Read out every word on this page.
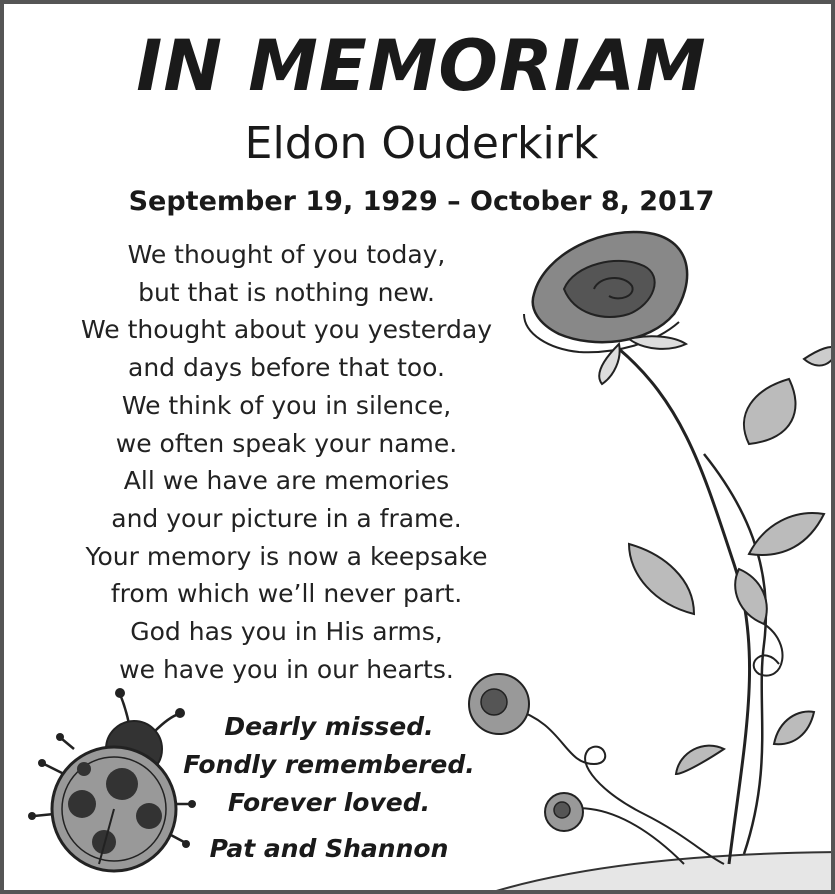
IN MEMORIAM
Eldon Ouderkirk

September 19, 1929 – October 8, 2017

We thought of you today,
but that is nothing new.
We thought about you yesterday
and days before that too.
We think of you in silence,
we often speak your name.
All we have are memories
and your picture in a frame.
Your memory is now a keepsake
from which we’ll never part.
God has you in His arms,
we have you in our hearts.
Dearly missed.
Fondly remembered.
Forever loved.

Pat and Shannon
